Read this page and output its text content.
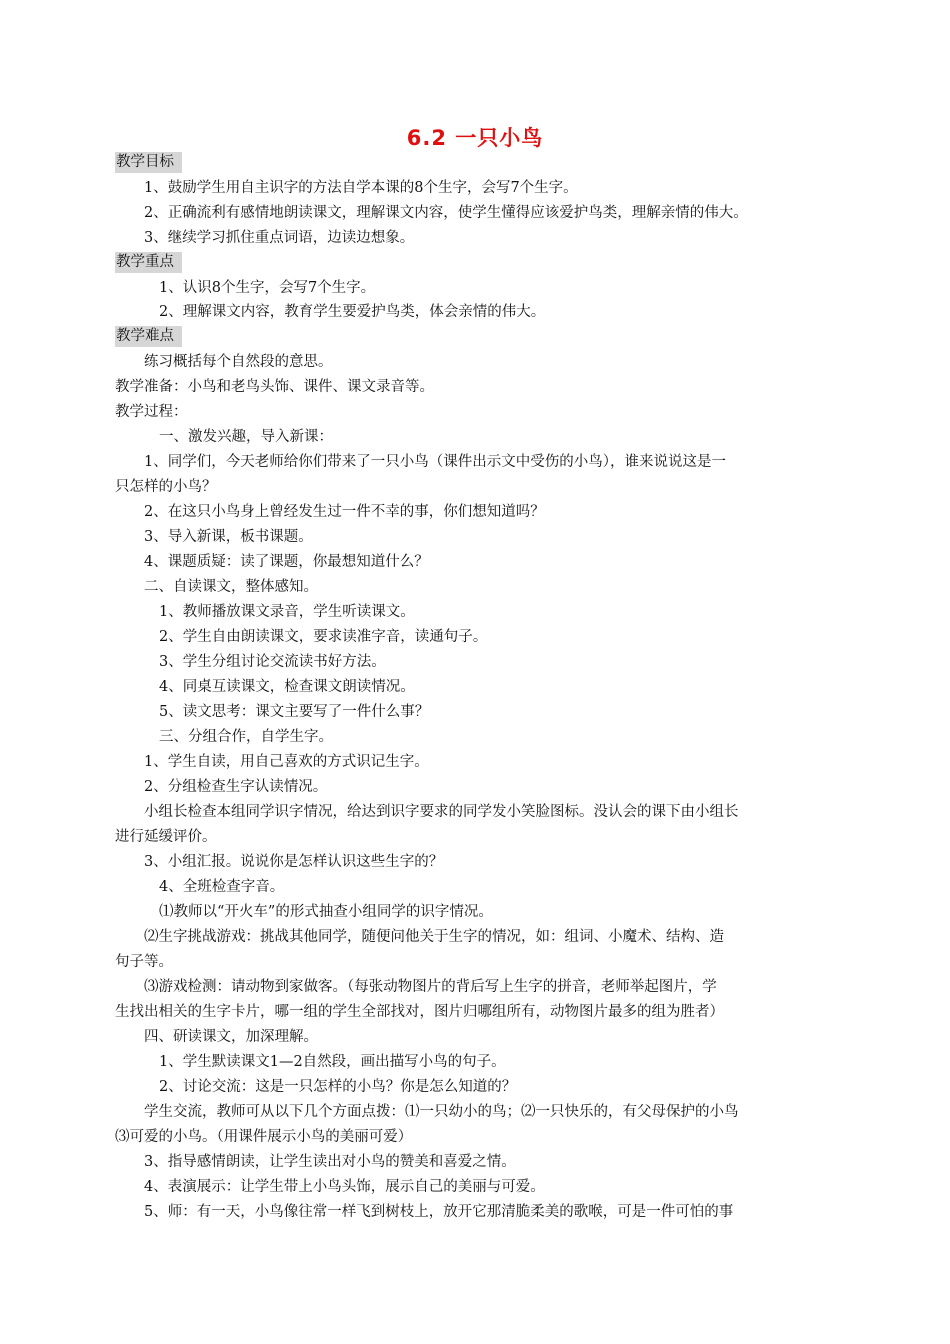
6.2 一只小鸟
教学目标
1、鼓励学生用自主识字的方法自学本课的8个生字，会写7个生字。
2、正确流利有感情地朗读课文，理解课文内容，使学生懂得应该爱护鸟类，理解亲情的伟大。
3、继续学习抓住重点词语，边读边想象。
教学重点
1、认识8个生字，会写7个生字。
2、理解课文内容，教育学生要爱护鸟类，体会亲情的伟大。
教学难点
练习概括每个自然段的意思。
教学准备：小鸟和老鸟头饰、课件、课文录音等。
教学过程：
一、激发兴趣，导入新课：
1、同学们，今天老师给你们带来了一只小鸟（课件出示文中受伤的小鸟），谁来说说这是一
只怎样的小鸟？
2、在这只小鸟身上曾经发生过一件不幸的事，你们想知道吗？
3、导入新课，板书课题。
4、课题质疑：读了课题，你最想知道什么？
二、自读课文，整体感知。
1、教师播放课文录音，学生听读课文。
2、学生自由朗读课文，要求读准字音，读通句子。
3、学生分组讨论交流读书好方法。
4、同桌互读课文，检查课文朗读情况。
5、读文思考：课文主要写了一件什么事？
三、分组合作，自学生字。
1、学生自读，用自己喜欢的方式识记生字。
2、分组检查生字认读情况。
小组长检查本组同学识字情况，给达到识字要求的同学发小笑脸图标。没认会的课下由小组长
进行延缓评价。
3、小组汇报。说说你是怎样认识这些生字的？
4、全班检查字音。
⑴教师以“开火车”的形式抽查小组同学的识字情况。
⑵生字挑战游戏：挑战其他同学，随便问他关于生字的情况，如：组词、小魔术、结构、造
句子等。
⑶游戏检测：请动物到家做客。（每张动物图片的背后写上生字的拼音，老师举起图片，学
生找出相关的生字卡片，哪一组的学生全部找对，图片归哪组所有，动物图片最多的组为胜者）
四、研读课文，加深理解。
1、学生默读课文1—2自然段，画出描写小鸟的句子。
2、讨论交流：这是一只怎样的小鸟？你是怎么知道的？
学生交流，教师可从以下几个方面点拨：⑴一只幼小的鸟；⑵一只快乐的，有父母保护的小鸟
⑶可爱的小鸟。（用课件展示小鸟的美丽可爱）
3、指导感情朗读，让学生读出对小鸟的赞美和喜爱之情。
4、表演展示：让学生带上小鸟头饰，展示自己的美丽与可爱。
5、师：有一天，小鸟像往常一样飞到树枝上，放开它那清脆柔美的歌喉，可是一件可怕的事
